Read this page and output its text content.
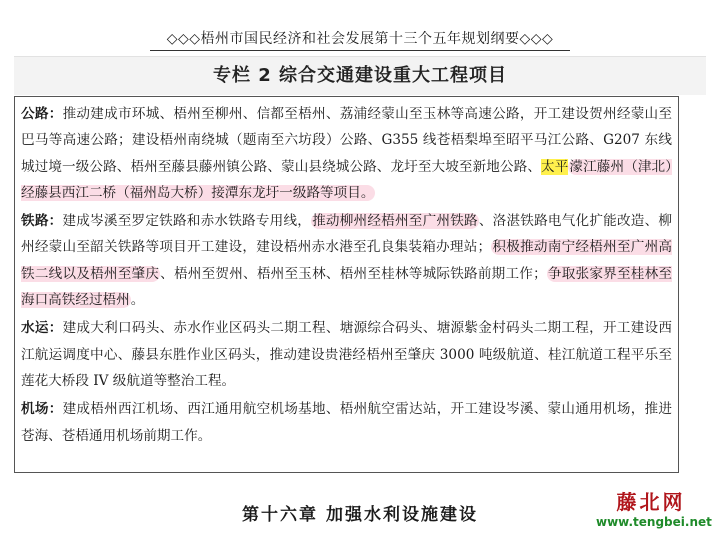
◇◇◇梧州市国民经济和社会发展第十三个五年规划纲要◇◇◇
专栏 2 综合交通建设重大工程项目

公路：推动建成市环城、梧州至柳州、信都至梧州、荔浦经蒙山至玉林等高速公路，开工建设贺州经蒙山至巴马等高速公路；建设梧州南绕城（题南至六坊段）公路、G355 线苍梧梨埠至昭平马江公路、G207 东线城过境一级公路、梧州至藤县藤州镇公路、蒙山县绕城公路、龙圩至大坡至新地公路、太平濛江藤州（津北）经藤县西江二桥（福州岛大桥）接潭东龙圩一级路等项目。

铁路：建成岑溪至罗定铁路和赤水铁路专用线，推动柳州经梧州至广州铁路、洛湛铁路电气化扩能改造、柳州经蒙山至韶关铁路等项目开工建设，建设梧州赤水港至孔良集装箱办理站；积极推动南宁经梧州至广州高铁二线以及梧州至肇庆、梧州至贺州、梧州至玉林、梧州至桂林等城际铁路前期工作；争取张家界至桂林至海口高铁经过梧州。

水运：建成大利口码头、赤水作业区码头二期工程、塘源综合码头、塘源紫金村码头二期工程，开工建设西江航运调度中心、藤县东胜作业区码头，推动建设贵港经梧州至肇庆 3000 吨级航道、桂江航道工程平乐至莲花大桥段 IV 级航道等整治工程。

机场：建成梧州西江机场、西江通用航空机场基地、梧州航空雷达站，开工建设岑溪、蒙山通用机场，推进苍海、苍梧通用机场前期工作。

第十六章 加强水利设施建设
藤北网
www.tengbei.net
